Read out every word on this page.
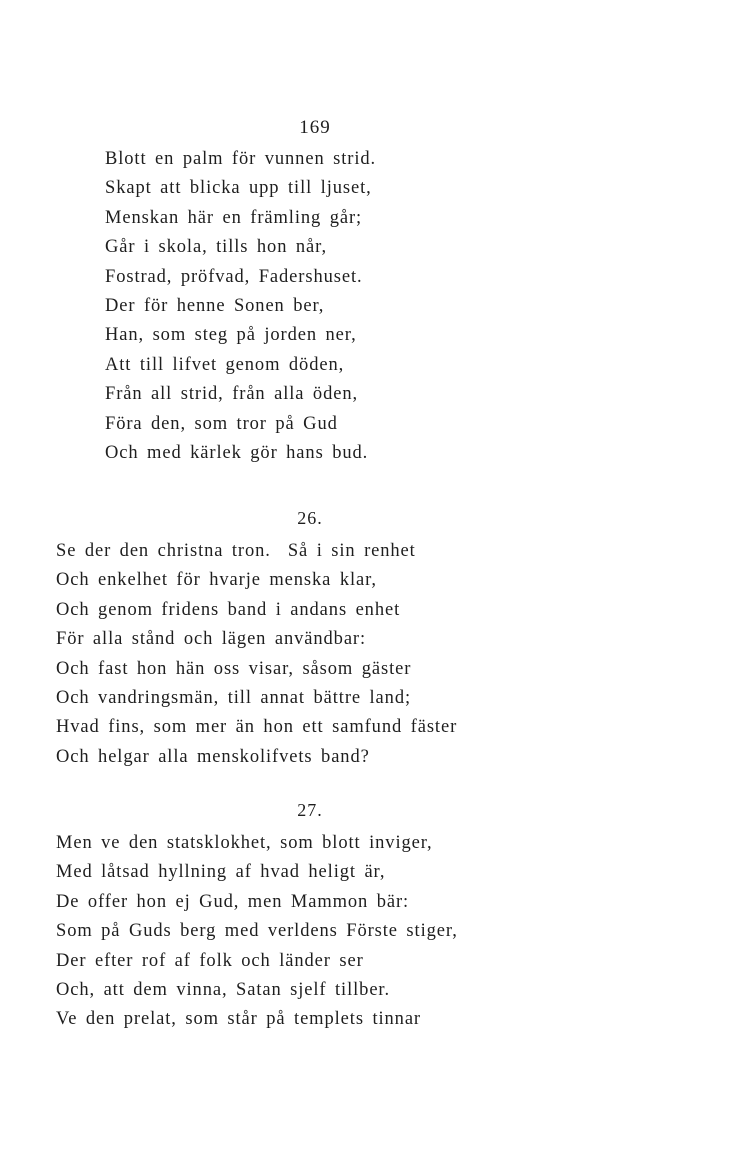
169
Blott en palm för vunnen strid.
Skapt att blicka upp till ljuset,
Menskan här en främling går;
Går i skola, tills hon når,
Fostrad, pröfvad, Fadershuset.
Der för henne Sonen ber,
Han, som steg på jorden ner,
Att till lifvet genom döden,
Från all strid, från alla öden,
Föra den, som tror på Gud
Och med kärlek gör hans bud.
26.
Se der den christna tron.  Så i sin renhet
Och enkelhet för hvarje menska klar,
Och genom fridens band i andans enhet
För alla stånd och lägen användbar:
Och fast hon hän oss visar, såsom gäster
Och vandringsmän, till annat bättre land;
Hvad fins, som mer än hon ett samfund fäster
Och helgar alla menskolifvets band?
27.
Men ve den statsklokhet, som blott inviger,
Med låtsad hyllning af hvad heligt är,
De offer hon ej Gud, men Mammon bär:
Som på Guds berg med verldens Förste stiger,
Der efter rof af folk och länder ser
Och, att dem vinna, Satan sjelf tillber.
Ve den prelat, som står på templets tinnar
